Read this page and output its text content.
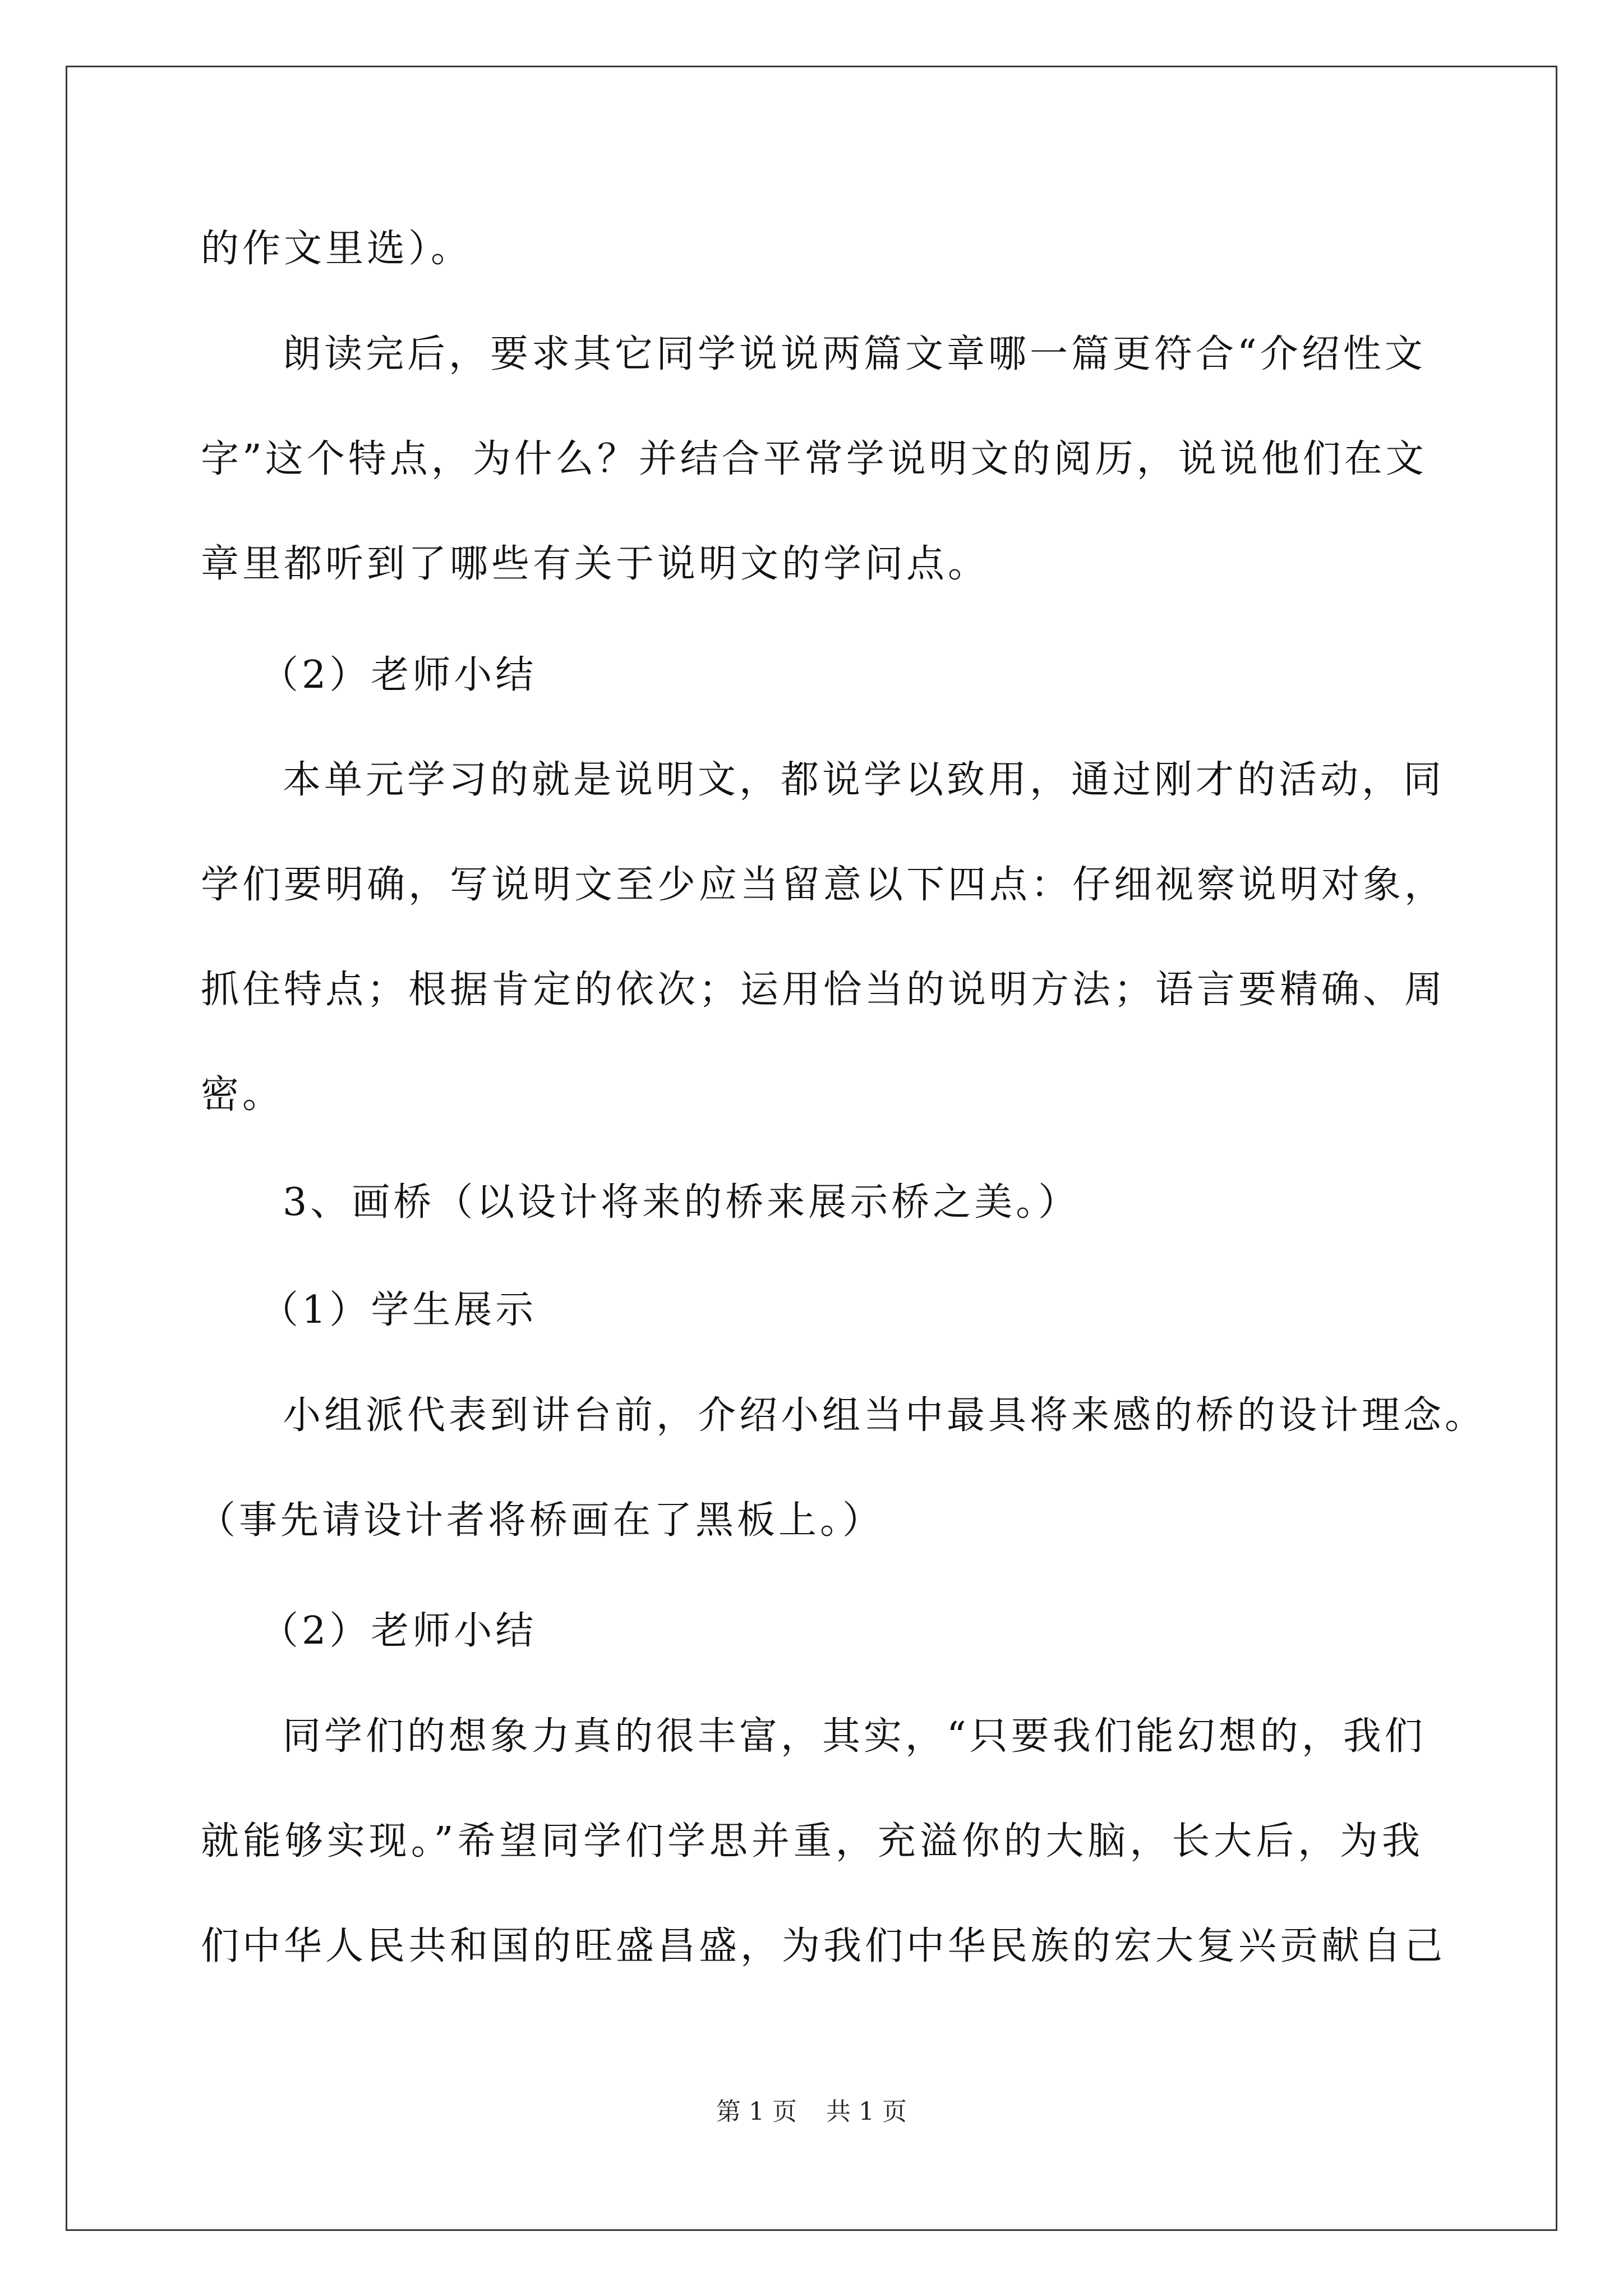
的作文里选）。
朗读完后，要求其它同学说说两篇文章哪一篇更符合“介绍性文
字”这个特点，为什么？并结合平常学说明文的阅历，说说他们在文
章里都听到了哪些有关于说明文的学问点。
（2）老师小结
本单元学习的就是说明文，都说学以致用，通过刚才的活动，同
学们要明确，写说明文至少应当留意以下四点：仔细视察说明对象，
抓住特点；根据肯定的依次；运用恰当的说明方法；语言要精确、周
密。
3、画桥（以设计将来的桥来展示桥之美。）
（1）学生展示
小组派代表到讲台前，介绍小组当中最具将来感的桥的设计理念。
（事先请设计者将桥画在了黑板上。）
（2）老师小结
同学们的想象力真的很丰富，其实，“只要我们能幻想的，我们
就能够实现。”希望同学们学思并重，充溢你的大脑，长大后，为我
们中华人民共和国的旺盛昌盛，为我们中华民族的宏大复兴贡献自己
第 1 页 共 1 页
